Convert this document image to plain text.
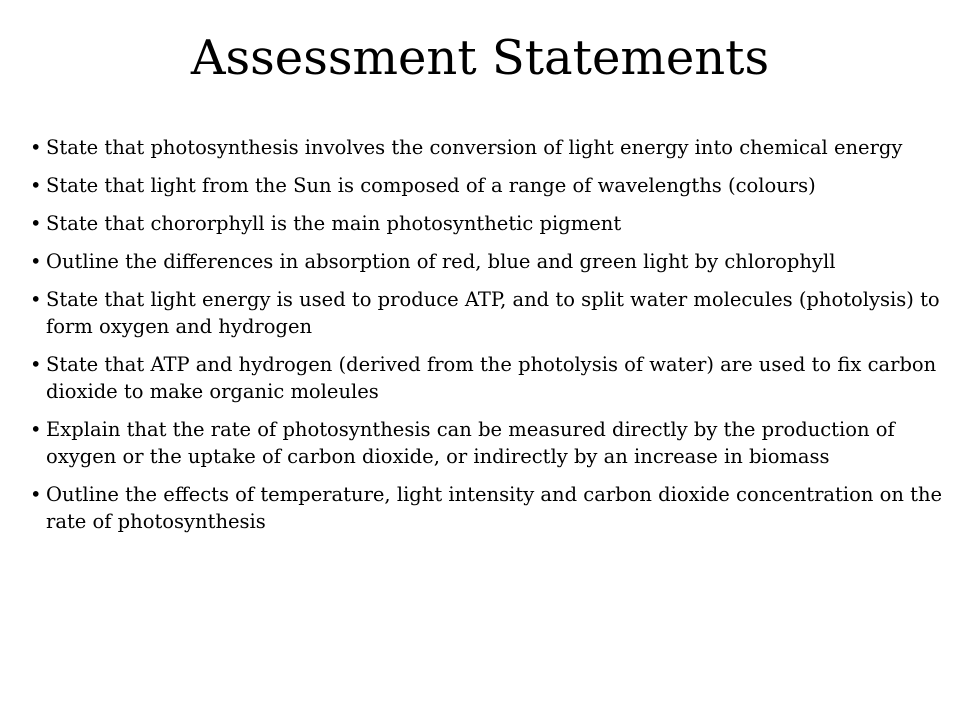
Assessment Statements
• State that photosynthesis involves the conversion of light energy into chemical energy
• State that light from the Sun is composed of a range of wavelengths (colours)
• State that chororphyll is the main photosynthetic pigment
• Outline the differences in absorption of red, blue and green light by chlorophyll
• State that light energy is used to produce ATP, and to split water molecules (photolysis) to form oxygen and hydrogen
• State that ATP and hydrogen (derived from the photolysis of water) are used to fix carbon dioxide to make organic moleules
• Explain that the rate of photosynthesis can be measured directly by the production of oxygen or the uptake of carbon dioxide, or indirectly by an increase in biomass
• Outline the effects of temperature, light intensity and carbon dioxide concentration on the rate of photosynthesis
